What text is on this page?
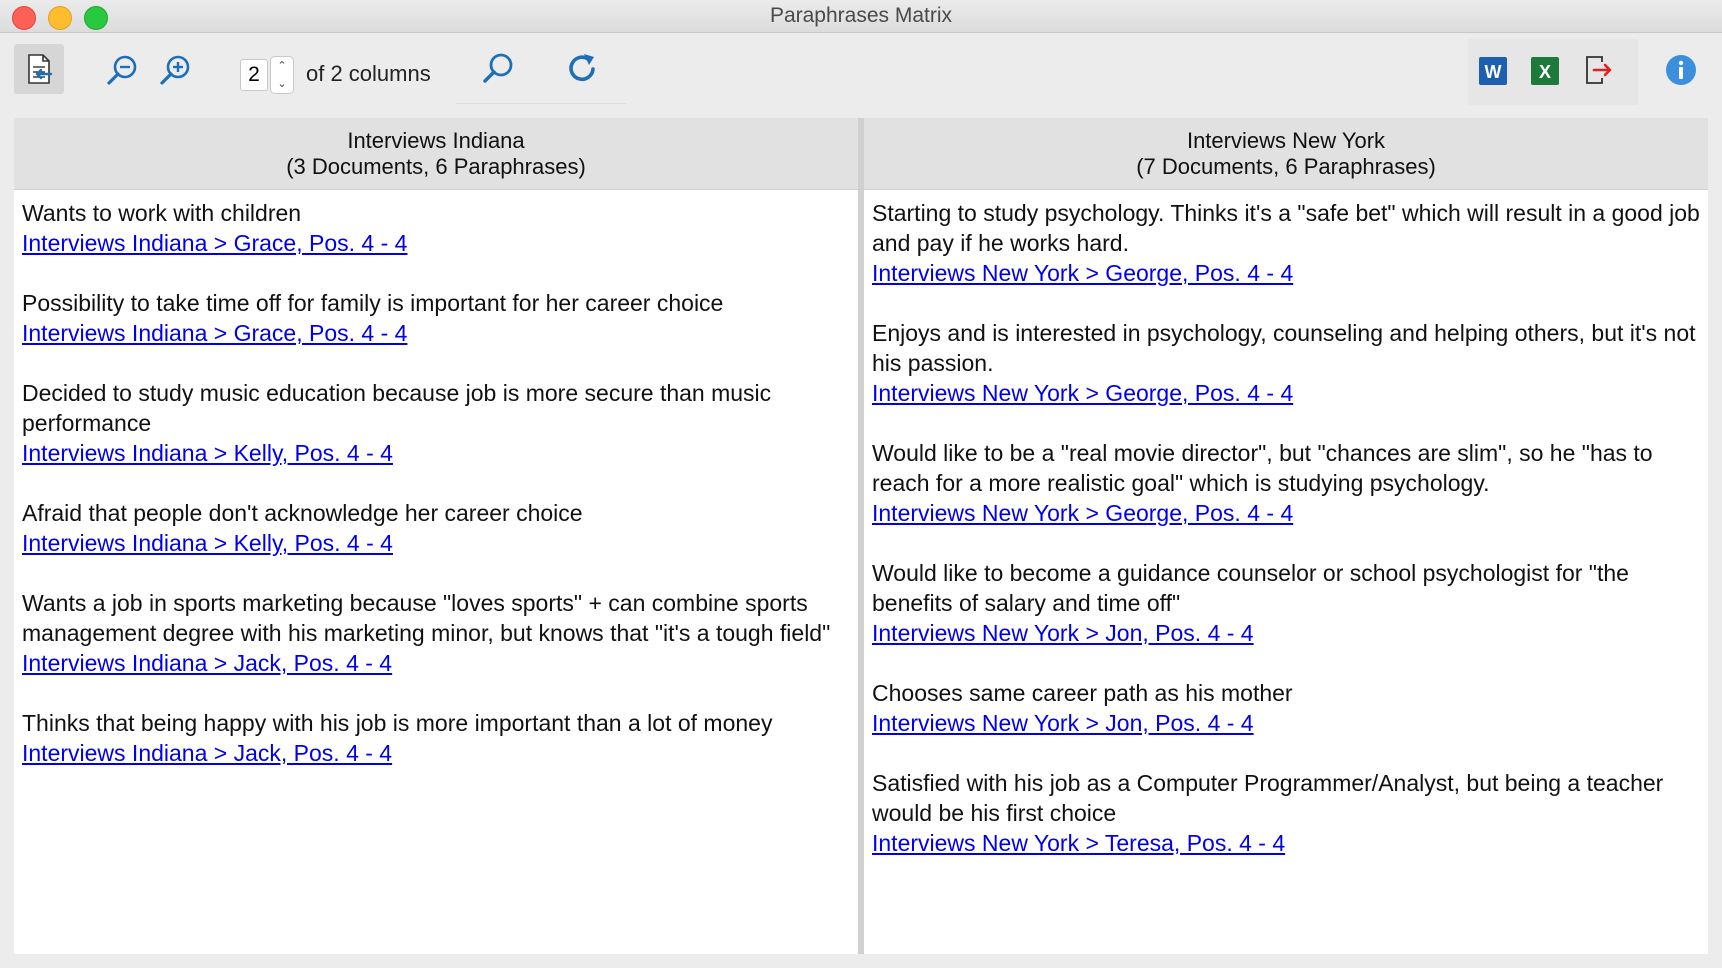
Paraphrases Matrix
2	⌃
⌄ of 2 columns	W X
Interviews Indiana
(3 Documents, 6 Paraphrases)
Wants to work with children
Interviews Indiana > Grace, Pos. 4 - 4
Possibility to take time off for family is important for her career choice
Interviews Indiana > Grace, Pos. 4 - 4
Decided to study music education because job is more secure than music performance
Interviews Indiana > Kelly, Pos. 4 - 4
Afraid that people don't acknowledge her career choice
Interviews Indiana > Kelly, Pos. 4 - 4
Wants a job in sports marketing because "loves sports" + can combine sports management degree with his marketing minor, but knows that "it's a tough field"
Interviews Indiana > Jack, Pos. 4 - 4
Thinks that being happy with his job is more important than a lot of money
Interviews Indiana > Jack, Pos. 4 - 4
Interviews New York
(7 Documents, 6 Paraphrases)
Starting to study psychology. Thinks it's a "safe bet" which will result in a good job and pay if he works hard.
Interviews New York > George, Pos. 4 - 4
Enjoys and is interested in psychology, counseling and helping others, but it's not his passion.
Interviews New York > George, Pos. 4 - 4
Would like to be a "real movie director", but "chances are slim", so he "has to reach for a more realistic goal" which is studying psychology.
Interviews New York > George, Pos. 4 - 4
Would like to become a guidance counselor or school psychologist for "the benefits of salary and time off"
Interviews New York > Jon, Pos. 4 - 4
Chooses same career path as his mother
Interviews New York > Jon, Pos. 4 - 4
Satisfied with his job as a Computer Programmer/Analyst, but being a teacher would be his first choice
Interviews New York > Teresa, Pos. 4 - 4
